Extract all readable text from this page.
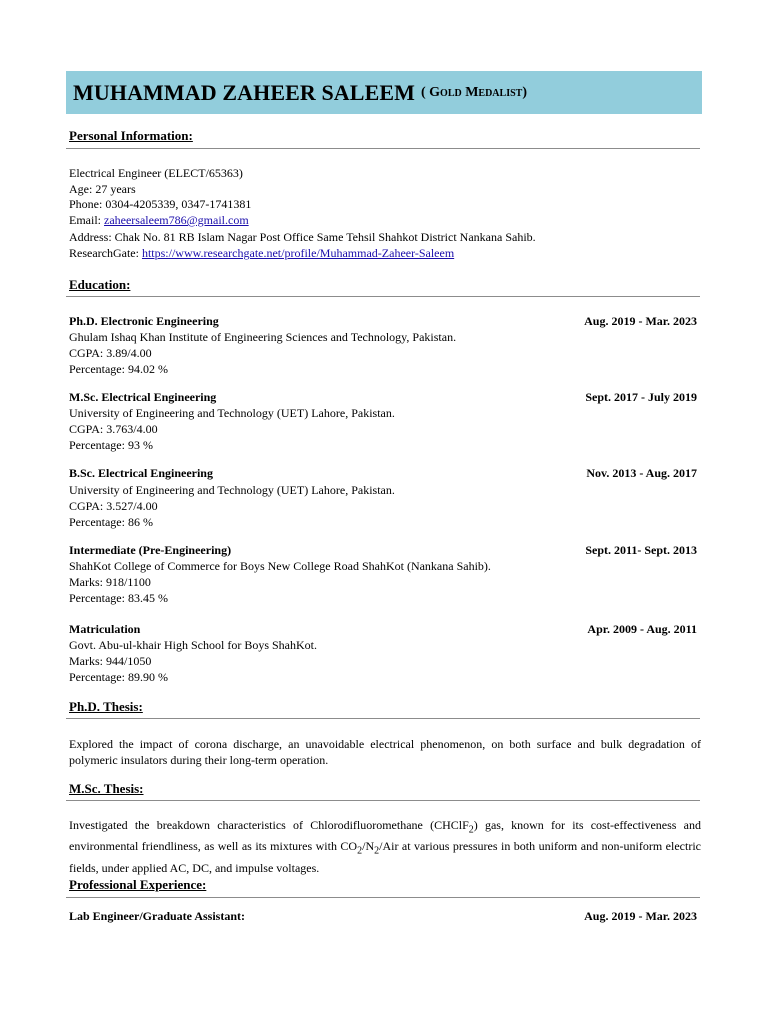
MUHAMMAD ZAHEER SALEEM ( Gold Medalist)
Personal Information:
Electrical Engineer (ELECT/65363)
Age: 27 years
Phone: 0304-4205339, 0347-1741381
Email: zaheersaleem786@gmail.com
Address: Chak No. 81 RB Islam Nagar Post Office Same Tehsil Shahkot District Nankana Sahib.
ResearchGate: https://www.researchgate.net/profile/Muhammad-Zaheer-Saleem
Education:
Ph.D. Electronic Engineering	Aug. 2019 - Mar. 2023
Ghulam Ishaq Khan Institute of Engineering Sciences and Technology, Pakistan.
CGPA: 3.89/4.00
Percentage: 94.02 %
M.Sc. Electrical Engineering	Sept. 2017 - July 2019
University of Engineering and Technology (UET) Lahore, Pakistan.
CGPA: 3.763/4.00
Percentage: 93 %
B.Sc. Electrical Engineering	Nov. 2013 - Aug. 2017
University of Engineering and Technology (UET) Lahore, Pakistan.
CGPA: 3.527/4.00
Percentage: 86 %
Intermediate (Pre-Engineering)	Sept. 2011- Sept. 2013
ShahKot College of Commerce for Boys New College Road ShahKot (Nankana Sahib).
Marks: 918/1100
Percentage: 83.45 %
Matriculation	Apr. 2009 - Aug. 2011
Govt. Abu-ul-khair High School for Boys ShahKot.
Marks: 944/1050
Percentage: 89.90 %
Ph.D. Thesis:
Explored the impact of corona discharge, an unavoidable electrical phenomenon, on both surface and bulk degradation of polymeric insulators during their long-term operation.
M.Sc. Thesis:
Investigated the breakdown characteristics of Chlorodifluoromethane (CHClF$_2$) gas, known for its cost-effectiveness and environmental friendliness, as well as its mixtures with $CO_2/N_2$/Air at various pressures in both uniform and non-uniform electric fields, under applied AC, DC, and impulse voltages.
Professional Experience:
Lab Engineer/Graduate Assistant:	Aug. 2019 - Mar. 2023
